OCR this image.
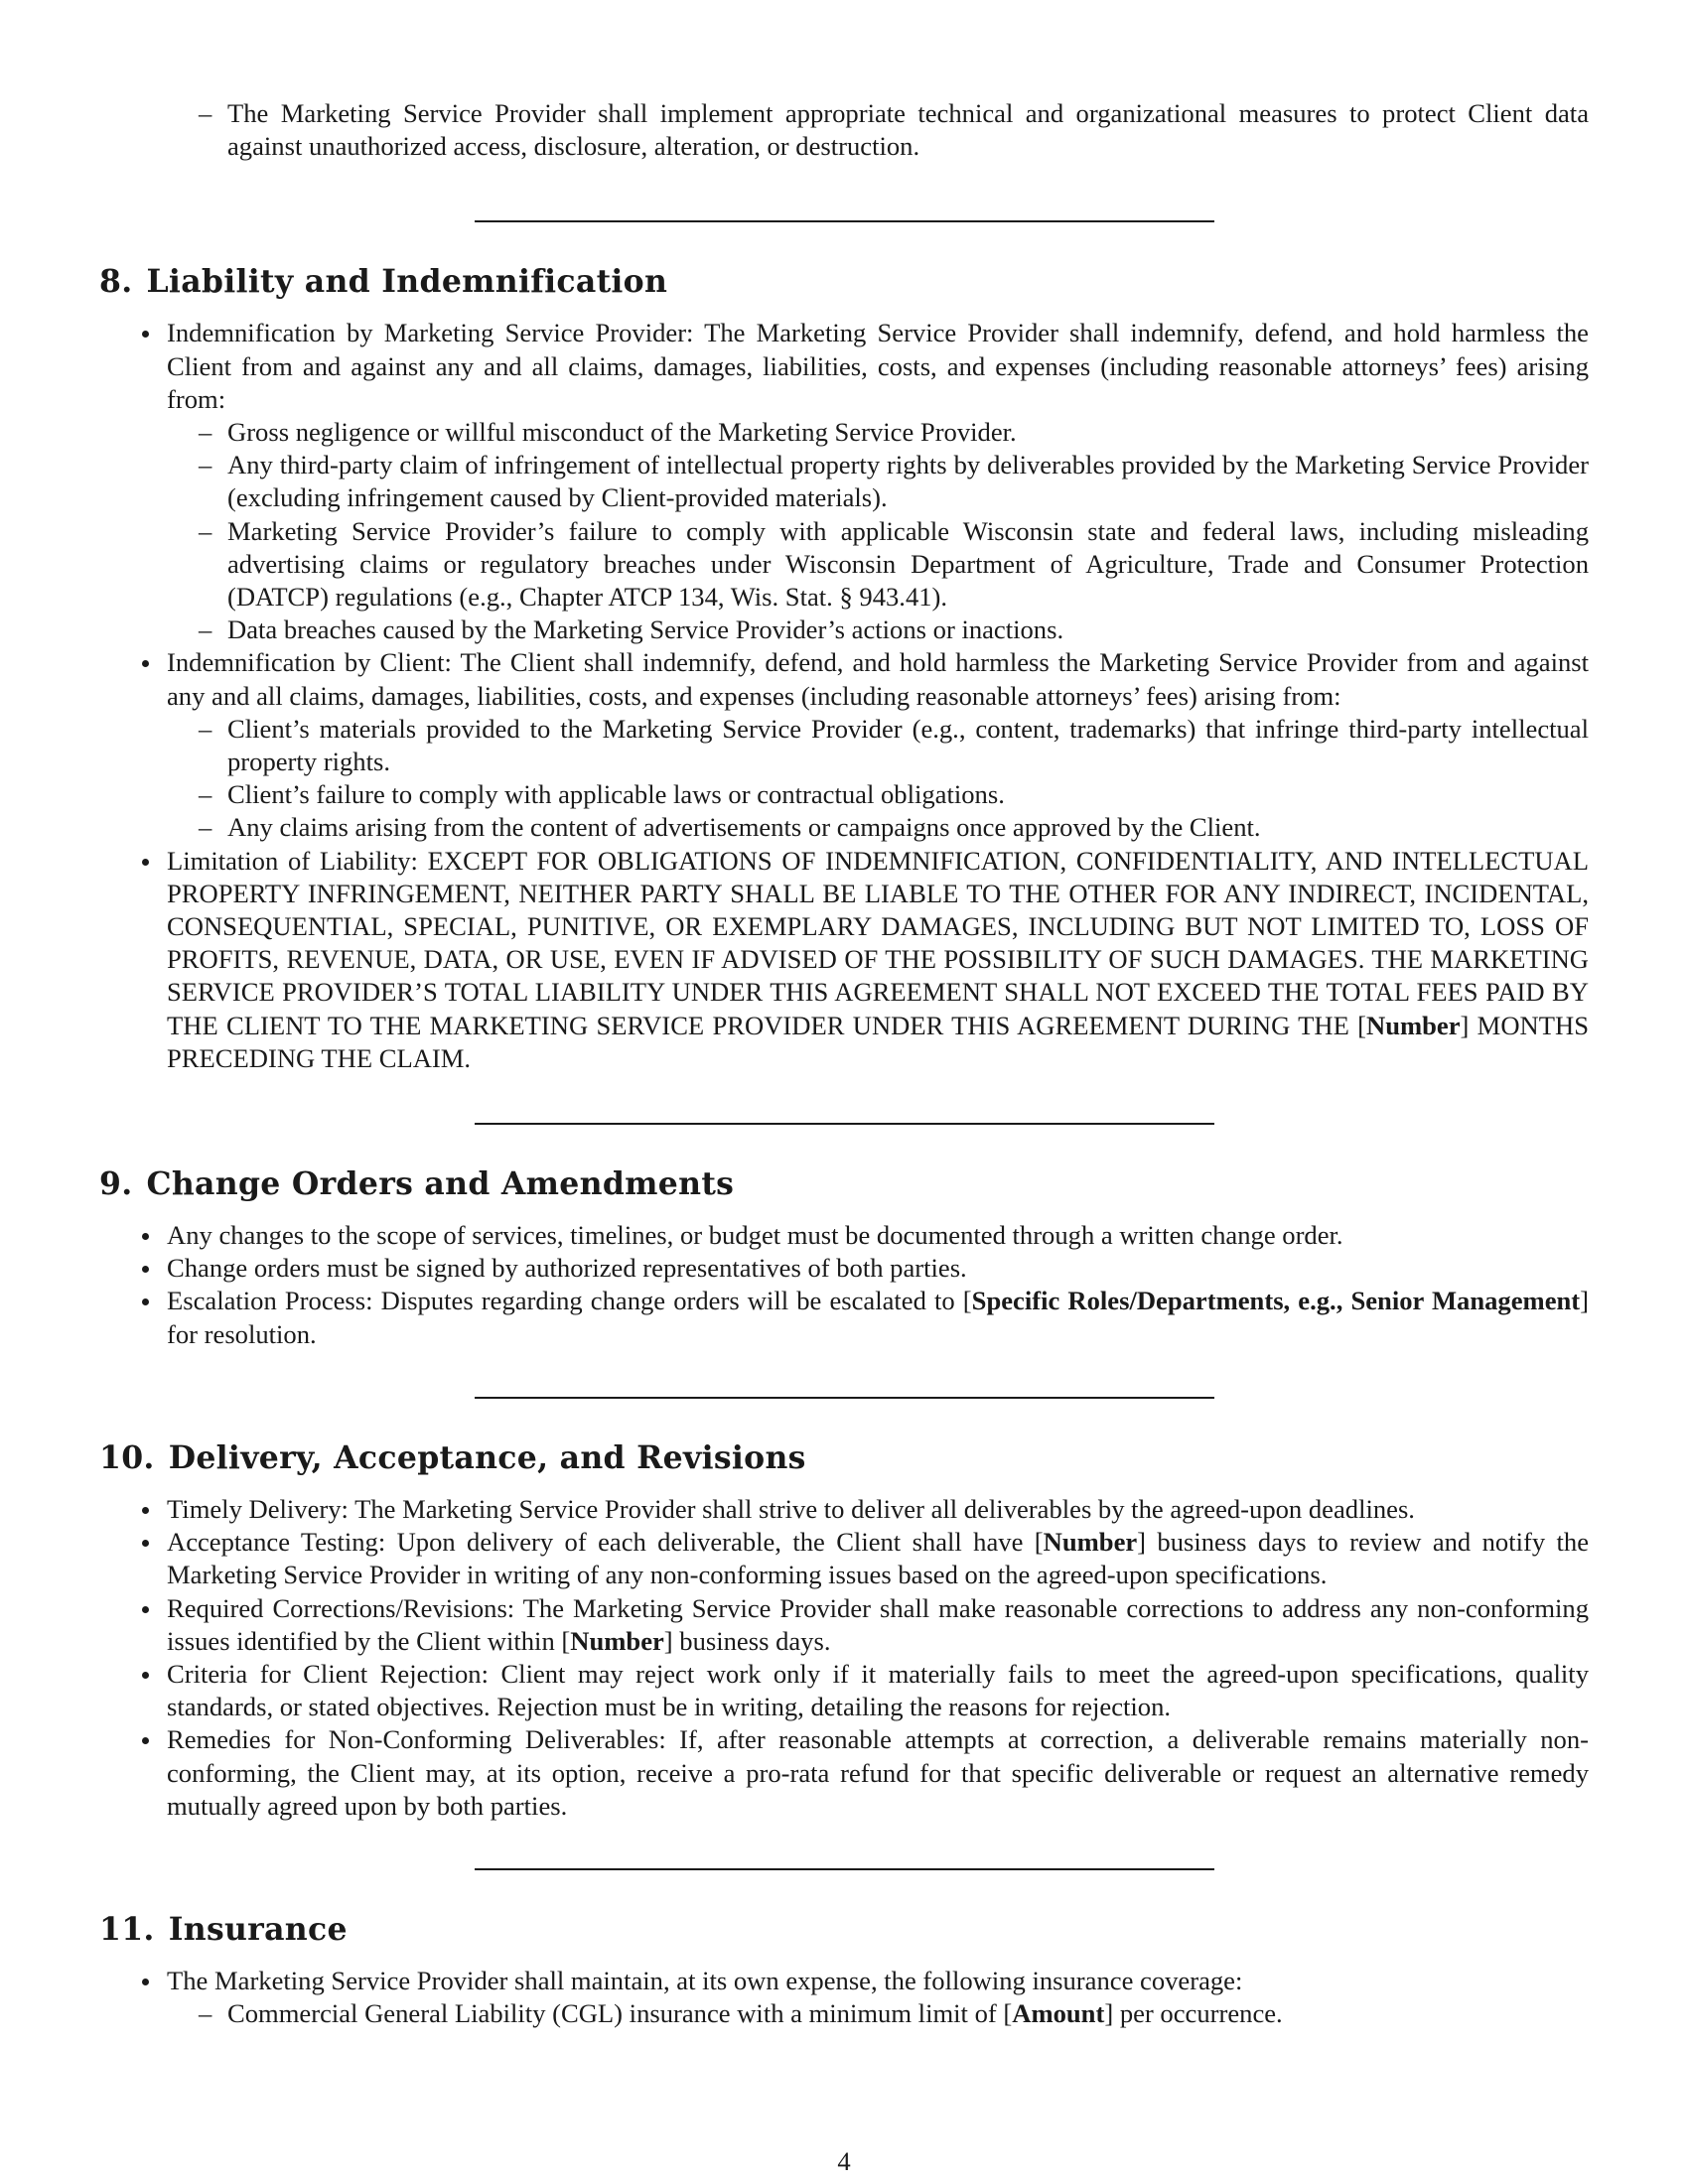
– The Marketing Service Provider shall implement appropriate technical and organizational measures to protect Client data against unauthorized access, disclosure, alteration, or destruction.

8. Liability and Indemnification

Indemnification by Marketing Service Provider: The Marketing Service Provider shall indemnify, defend, and hold harmless the Client from and against any and all claims, damages, liabilities, costs, and expenses (including reasonable attorneys’ fees) arising from:

– Gross negligence or willful misconduct of the Marketing Service Provider.

– Any third-party claim of infringement of intellectual property rights by deliverables provided by the Marketing Service Provider (excluding infringement caused by Client-provided materials).

– Marketing Service Provider’s failure to comply with applicable Wisconsin state and federal laws, including misleading advertising claims or regulatory breaches under Wisconsin Department of Agriculture, Trade and Consumer Protection (DATCP) regulations (e.g., Chapter ATCP 134, Wis. Stat. § 943.41).

– Data breaches caused by the Marketing Service Provider’s actions or inactions.

Indemnification by Client: The Client shall indemnify, defend, and hold harmless the Marketing Service Provider from and against any and all claims, damages, liabilities, costs, and expenses (including reasonable attorneys’ fees) arising from:

– Client’s materials provided to the Marketing Service Provider (e.g., content, trademarks) that infringe third-party intellectual property rights.

– Client’s failure to comply with applicable laws or contractual obligations.

– Any claims arising from the content of advertisements or campaigns once approved by the Client.

Limitation of Liability: EXCEPT FOR OBLIGATIONS OF INDEMNIFICATION, CONFIDENTIALITY, AND INTELLECTUAL PROPERTY INFRINGEMENT, NEITHER PARTY SHALL BE LIABLE TO THE OTHER FOR ANY INDIRECT, INCIDENTAL, CONSEQUENTIAL, SPECIAL, PUNITIVE, OR EXEMPLARY DAMAGES, INCLUDING BUT NOT LIMITED TO, LOSS OF PROFITS, REVENUE, DATA, OR USE, EVEN IF ADVISED OF THE POSSIBILITY OF SUCH DAMAGES. THE MARKETING SERVICE PROVIDER’S TOTAL LIABILITY UNDER THIS AGREEMENT SHALL NOT EXCEED THE TOTAL FEES PAID BY THE CLIENT TO THE MARKETING SERVICE PROVIDER UNDER THIS AGREEMENT DURING THE [Number] MONTHS PRECEDING THE CLAIM.

9. Change Orders and Amendments

Any changes to the scope of services, timelines, or budget must be documented through a written change order.

Change orders must be signed by authorized representatives of both parties.

Escalation Process: Disputes regarding change orders will be escalated to [Specific Roles/Departments, e.g., Senior Management] for resolution.

10. Delivery, Acceptance, and Revisions

Timely Delivery: The Marketing Service Provider shall strive to deliver all deliverables by the agreed-upon deadlines.

Acceptance Testing: Upon delivery of each deliverable, the Client shall have [Number] business days to review and notify the Marketing Service Provider in writing of any non-conforming issues based on the agreed-upon specifications.

Required Corrections/Revisions: The Marketing Service Provider shall make reasonable corrections to address any non-conforming issues identified by the Client within [Number] business days.

Criteria for Client Rejection: Client may reject work only if it materially fails to meet the agreed-upon specifications, quality standards, or stated objectives. Rejection must be in writing, detailing the reasons for rejection.

Remedies for Non-Conforming Deliverables: If, after reasonable attempts at correction, a deliverable remains materially non-conforming, the Client may, at its option, receive a pro-rata refund for that specific deliverable or request an alternative remedy mutually agreed upon by both parties.

11. Insurance

The Marketing Service Provider shall maintain, at its own expense, the following insurance coverage:

– Commercial General Liability (CGL) insurance with a minimum limit of [Amount] per occurrence.

4
